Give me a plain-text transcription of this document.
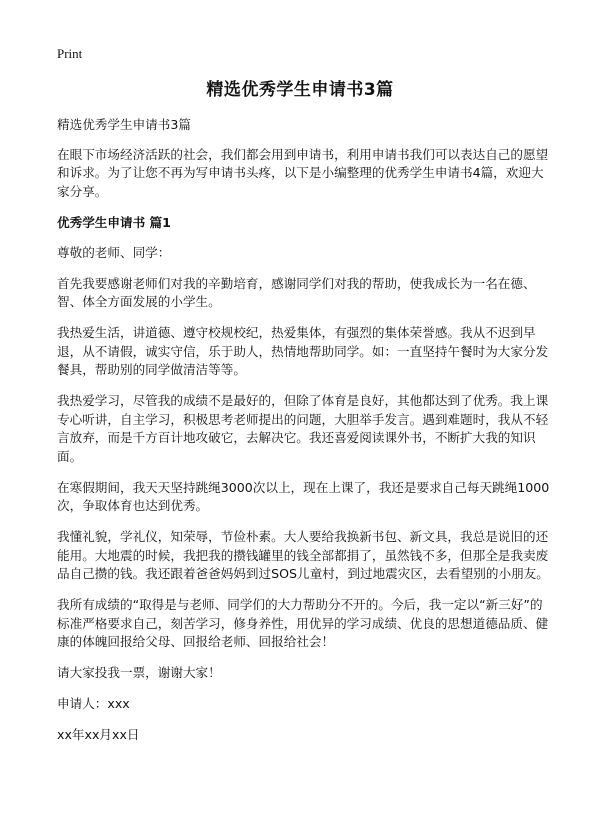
Print
精选优秀学生申请书3篇

精选优秀学生申请书3篇

在眼下市场经济活跃的社会，我们都会用到申请书，利用申请书我们可以表达自己的愿望和诉求。为了让您不再为写申请书头疼，以下是小编整理的优秀学生申请书4篇，欢迎大家分享。

优秀学生申请书 篇1

尊敬的老师、同学：

首先我要感谢老师们对我的辛勤培育，感谢同学们对我的帮助，使我成长为一名在德、智、体全方面发展的小学生。

我热爱生活，讲道德、遵守校规校纪，热爱集体，有强烈的集体荣誉感。我从不迟到早退，从不请假，诚实守信，乐于助人，热情地帮助同学。如：一直坚持午餐时为大家分发餐具，帮助别的同学做清洁等等。

我热爱学习，尽管我的成绩不是最好的，但除了体育是良好，其他都达到了优秀。我上课专心听讲，自主学习，积极思考老师提出的问题，大胆举手发言。遇到难题时，我从不轻言放弃，而是千方百计地攻破它，去解决它。我还喜爱阅读课外书，不断扩大我的知识面。

在寒假期间，我天天坚持跳绳3000次以上，现在上课了，我还是要求自己每天跳绳1000次，争取体育也达到优秀。

我懂礼貌，学礼仪，知荣辱，节俭朴素。大人要给我换新书包、新文具，我总是说旧的还能用。大地震的时候，我把我的攒钱罐里的钱全部都捐了，虽然钱不多，但那全是我卖废品自己攒的钱。我还跟着爸爸妈妈到过SOS儿童村，到过地震灾区，去看望别的小朋友。

我所有成绩的“取得是与老师、同学们的大力帮助分不开的。今后，我一定以“新三好”的标准严格要求自己，刻苦学习，修身养性，用优异的学习成绩、优良的思想道德品质、健康的体魄回报给父母、回报给老师、回报给社会！

请大家投我一票，谢谢大家！

申请人：xxx

xx年xx月xx日
